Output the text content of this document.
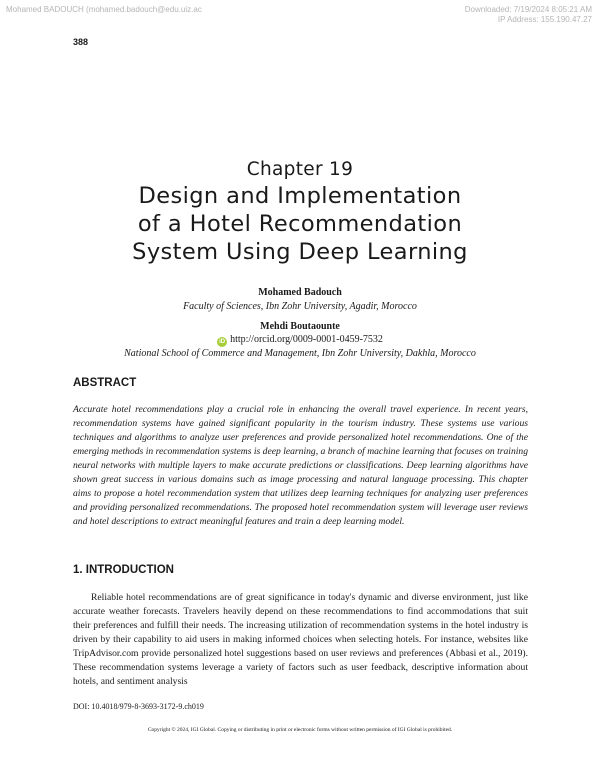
Mohamed BADOUCH (mohamed.badouch@edu.uiz.ac	Downloaded: 7/19/2024 8:05:21 AM
IP Address: 155.190.47.27
388
Chapter 19
Design and Implementation
of a Hotel Recommendation
System Using Deep Learning
Mohamed Badouch
Faculty of Sciences, Ibn Zohr University, Agadir, Morocco
Mehdi Boutaounte
iD http://orcid.org/0009-0001-0459-7532
National School of Commerce and Management, Ibn Zohr University, Dakhla, Morocco
ABSTRACT
Accurate hotel recommendations play a crucial role in enhancing the overall travel experience. In recent years, recommendation systems have gained significant popularity in the tourism industry. These systems use various techniques and algorithms to analyze user preferences and provide personalized hotel recommendations. One of the emerging methods in recommendation systems is deep learning, a branch of machine learning that focuses on training neural networks with multiple layers to make accurate predictions or classifications. Deep learning algorithms have shown great success in various domains such as image processing and natural language processing. This chapter aims to propose a hotel recommendation system that utilizes deep learning techniques for analyzing user preferences and providing personalized recommendations. The proposed hotel recommendation system will leverage user reviews and hotel descriptions to extract meaningful features and train a deep learning model.
1. INTRODUCTION
Reliable hotel recommendations are of great significance in today's dynamic and diverse environment, just like accurate weather forecasts. Travelers heavily depend on these recommendations to find accommodations that suit their preferences and fulfill their needs. The increasing utilization of recommendation systems in the hotel industry is driven by their capability to aid users in making informed choices when selecting hotels. For instance, websites like TripAdvisor.com provide personalized hotel suggestions based on user reviews and preferences (Abbasi et al., 2019). These recommendation systems leverage a variety of factors such as user feedback, descriptive information about hotels, and sentiment analysis
DOI: 10.4018/979-8-3693-3172-9.ch019
Copyright © 2024, IGI Global. Copying or distributing in print or electronic forms without written permission of IGI Global is prohibited.
